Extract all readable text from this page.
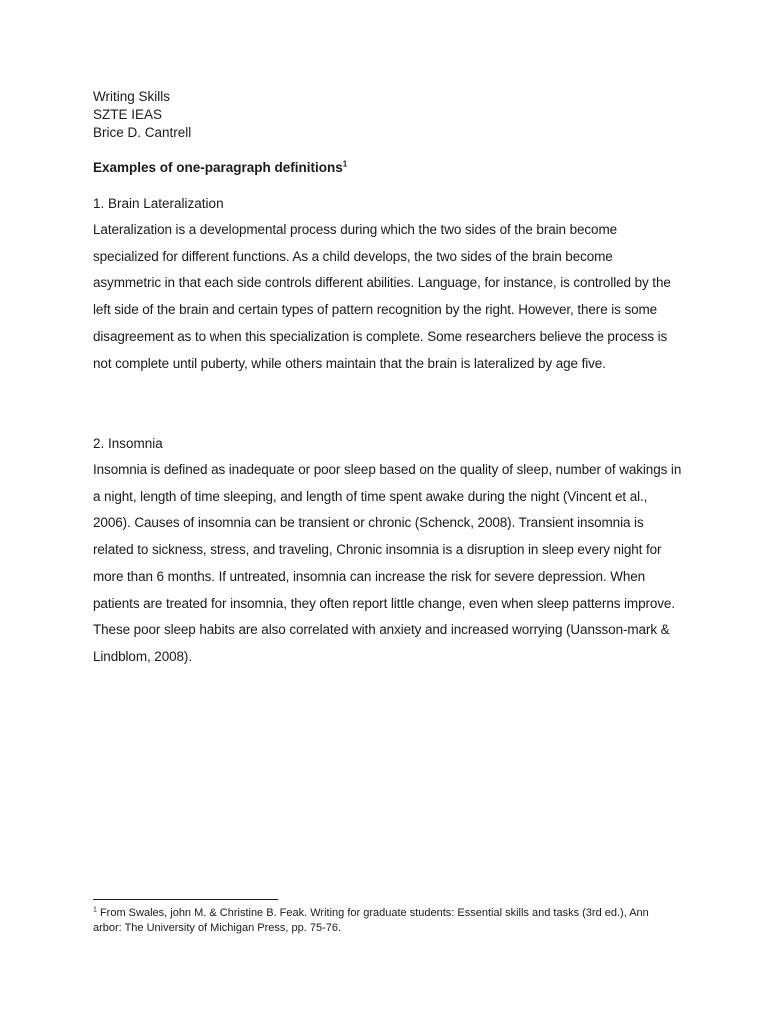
Writing Skills
SZTE IEAS
Brice D. Cantrell
Examples of one-paragraph definitions$^1$
1. Brain Lateralization
Lateralization is a developmental process during which the two sides of the brain become specialized for different functions. As a child develops, the two sides of the brain become asymmetric in that each side controls different abilities. Language, for instance, is controlled by the left side of the brain and certain types of pattern recognition by the right. However, there is some disagreement as to when this specialization is complete. Some researchers believe the process is not complete until puberty, while others maintain that the brain is lateralized by age five.
2. Insomnia
Insomnia is defined as inadequate or poor sleep based on the quality of sleep, number of wakings in a night, length of time sleeping, and length of time spent awake during the night (Vincent et al., 2006). Causes of insomnia can be transient or chronic (Schenck, 2008). Transient insomnia is related to sickness, stress, and traveling, Chronic insomnia is a disruption in sleep every night for more than 6 months. If untreated, insomnia can increase the risk for severe depression. When patients are treated for insomnia, they often report little change, even when sleep patterns improve. These poor sleep habits are also correlated with anxiety and increased worrying (Uansson-mark & Lindblom, 2008).
$^1$ From Swales, john M. & Christine B. Feak. Writing for graduate students: Essential skills and tasks (3rd ed.), Ann arbor: The University of Michigan Press, pp. 75-76.
